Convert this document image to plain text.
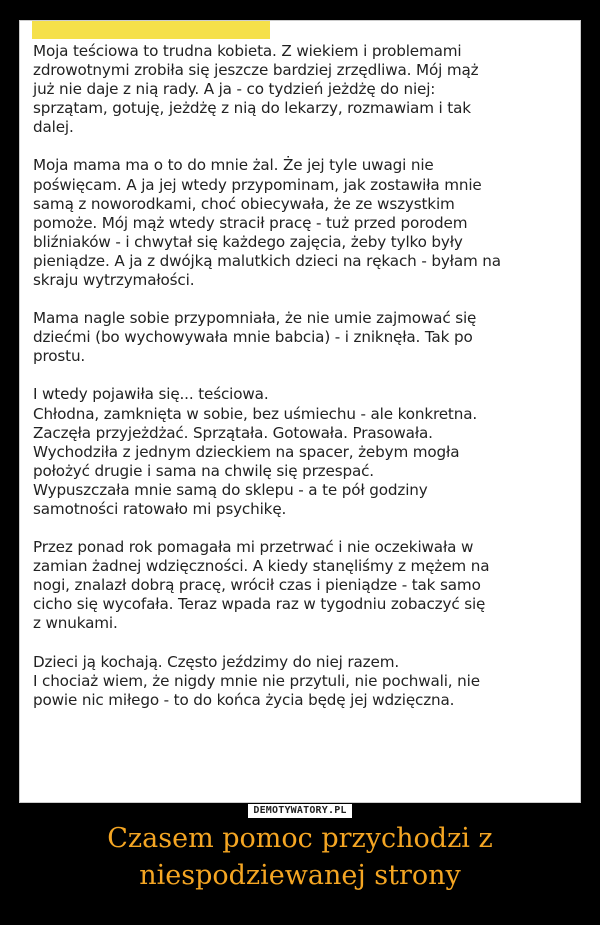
Moja teściowa to trudna kobieta. Z wiekiem i problemami
zdrowotnymi zrobiła się jeszcze bardziej zrzędliwa. Mój mąż
już nie daje z nią rady. A ja - co tydzień jeżdżę do niej:
sprzątam, gotuję, jeżdżę z nią do lekarzy, rozmawiam i tak
dalej.
Moja mama ma o to do mnie żal. Że jej tyle uwagi nie
poświęcam. A ja jej wtedy przypominam, jak zostawiła mnie
samą z noworodkami, choć obiecywała, że ze wszystkim
pomoże. Mój mąż wtedy stracił pracę - tuż przed porodem
bliźniaków - i chwytał się każdego zajęcia, żeby tylko były
pieniądze. A ja z dwójką malutkich dzieci na rękach - byłam na
skraju wytrzymałości.
Mama nagle sobie przypomniała, że nie umie zajmować się
dziećmi (bo wychowywała mnie babcia) - i zniknęła. Tak po
prostu.
I wtedy pojawiła się... teściowa.
Chłodna, zamknięta w sobie, bez uśmiechu - ale konkretna.
Zaczęła przyjeżdżać. Sprzątała. Gotowała. Prasowała.
Wychodziła z jednym dzieckiem na spacer, żebym mogła
położyć drugie i sama na chwilę się przespać.
Wypuszczała mnie samą do sklepu - a te pół godziny
samotności ratowało mi psychikę.
Przez ponad rok pomagała mi przetrwać i nie oczekiwała w
zamian żadnej wdzięczności. A kiedy stanęliśmy z mężem na
nogi, znalazł dobrą pracę, wrócił czas i pieniądze - tak samo
cicho się wycofała. Teraz wpada raz w tygodniu zobaczyć się
z wnukami.
Dzieci ją kochają. Często jeździmy do niej razem.
I chociaż wiem, że nigdy mnie nie przytuli, nie pochwali, nie
powie nic miłego - to do końca życia będę jej wdzięczna.
DEMOTYWATORY.PL
Czasem pomoc przychodzi z
niespodziewanej strony
